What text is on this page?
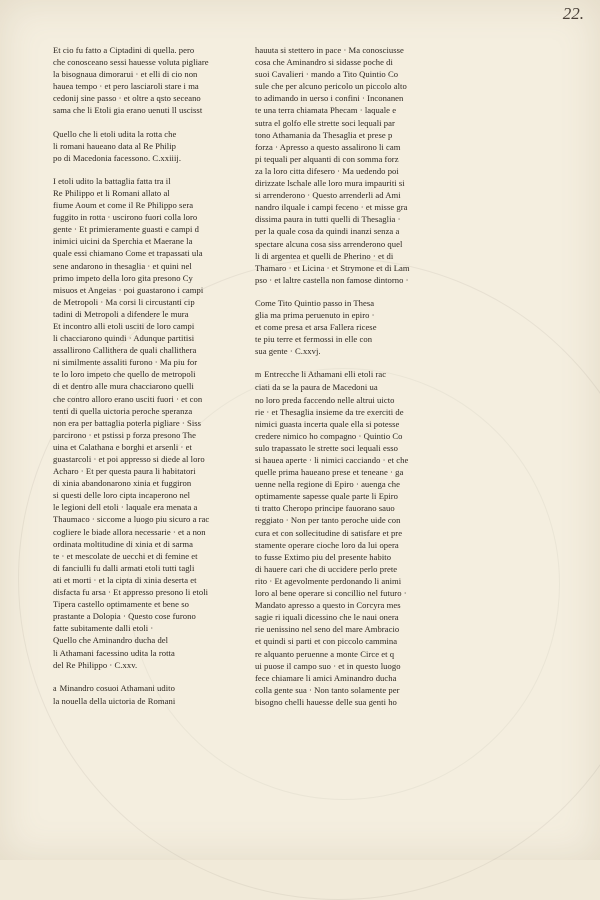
22.
Et cio fu fatto a Ciptadini di quella. pero
che conosceano sessi hauesse voluta pigliare
la bisognaua dimorarui · et elli di cio non
hauea tempo · et pero lasciaroli stare i ma
cedonij sine passo · et oltre a qsto seceano
sama che li Etoli gia erano uenuti ll uscisst
Quello che li etoli udita la rotta che
li romani haueano data al Re Philip
po di Macedonia facessono. C.xxiiij.
I etoli udito la battaglia fatta tra il
Re Philippo et li Romani allato al
fiume Aoum et come il Re Philippo sera
fuggito in rotta · uscirono fuori colla loro
gente · Et primieramente guasti e campi d
inimici uicini da Sperchia et Maerane la
quale essi chiamano Come et trapassati ula
sene andarono in thesaglia · et quini nel
primo impeto della loro gita presono Cy
misuos et Angeias · poi guastarono i campi
de Metropoli · Ma corsi li circustanti cip
tadini di Metropoli a difendere le mura
Et incontro alli etoli usciti de loro campi
li chacciarono quindi · Adunque partitisi
assallirono Callithera de quali challithera
ni similmente assaliti furono · Ma piu for
te lo loro impeto che quello de metropoli
di et dentro alle mura chacciarono quelli
che contro alloro erano usciti fuori · et con
tenti di quella uictoria peroche speranza
non era per battaglia poterla pigliare · Siss
parcirono · et pstissi p forza presono The
uina et Calathana e borghi et arsenli · et
guastarcoli · et poi appresso si diede al loro
Acharo · Et per questa paura li habitatori
di xinia abandonarono xinia et fuggiron
si questi delle loro cipta incaperono nel
le legioni dell etoli · laquale era menata a
Thaumaco · siccome a luogo piu sicuro a rac
cogliere le biade allora necessarie · et a non
ordinata moltitudine di xinia et di sarma
te · et mescolate de uecchi et di femine et
di fanciulli fu dalli armati etoli tutti tagli
ati et morti · et la cipta di xinia deserta et
disfacta fu arsa · Et appresso presono li etoli
Tipera castello optimamente et bene so
prastante a Dolopia · Questo cose furono
fatte subitamente dalli etoli ·
Quello che Aminandro ducha del
li Athamani facessino udita la rotta
del Re Philippo · C.xxv.
a Minandro cosuoi Athamani udito
la nouella della uictoria de Romani
hauuta si stettero in pace · Ma conosciusse
cosa che Aminandro si sidasse poche di
suoi Cavalieri · mando a Tito Quintio Co
sule che per alcuno pericolo un piccolo alto
to adimando in uerso i confini · Inconanen
te una terra chiamata Phecam · laquale e
sutra el golfo elle strette soci lequali par
tono Athamania da Thesaglia et prese p
forza · Apresso a questo assalirono li cam
pi tequali per alquanti di con somma forz
za la loro citta difesero · Ma uedendo poi
dirizzate lschale alle loro mura impauriti si
si arrenderono · Questo arrenderli ad Ami
nandro ilquale i campi feceno · et misse gra
dissima paura in tutti quelli di Thesaglia ·
per la quale cosa da quindi inanzi senza a
spectare alcuna cosa siss arrenderono quel
li di argentea et quelli de Pherino · et di
Thamaro · et Licina · et Strymone et di Lam
pso · et laltre castella non famose dintorno ·
Come Tito Quintio passo in Thesa
glia ma prima peruenuto in epiro ·
et come presa et arsa Fallera ricese
te piu terre et fermossi in elle con
sua gente · C.xxvj.
m Entrecche li Athamani elli etoli rac
ciati da se la paura de Macedoni ua
no loro preda faccendo nelle altrui uicto
rie · et Thesaglia insieme da tre exerciti de
nimici guasta incerta quale ella si potesse
credere nimico ho compagno · Quintio Co
sulo trapassato le strette soci lequali esso
si hauea aperte · li nimici cacciando · et che
quelle prima haueano prese et teneane · ga
uenne nella regione di Epiro · auenga che
optimamente sapesse quale parte li Epiro
ti tratto Cheropo principe fauorano sauo
reggiato · Non per tanto peroche uide con
cura et con sollecitudine di satisfare et pre
stamente operare cioche loro da lui opera
to fusse Extimo piu del presente habito
di hauere cari che di uccidere perlo prete
rito · Et agevolmente perdonando li animi
loro al bene operare si concillio nel futuro ·
Mandato apresso a questo in Corcyra mes
sagie ri iquali dicessino che le naui onera
rie uenissino nel seno del mare Ambracio
et quindi si parti et con piccolo cammina
re alquanto peruenne a monte Circe et q
ui puose il campo suo · et in questo luogo
fece chiamare li amici Aminandro ducha
colla gente sua · Non tanto solamente per
bisogno chelli hauesse delle sua genti ho
